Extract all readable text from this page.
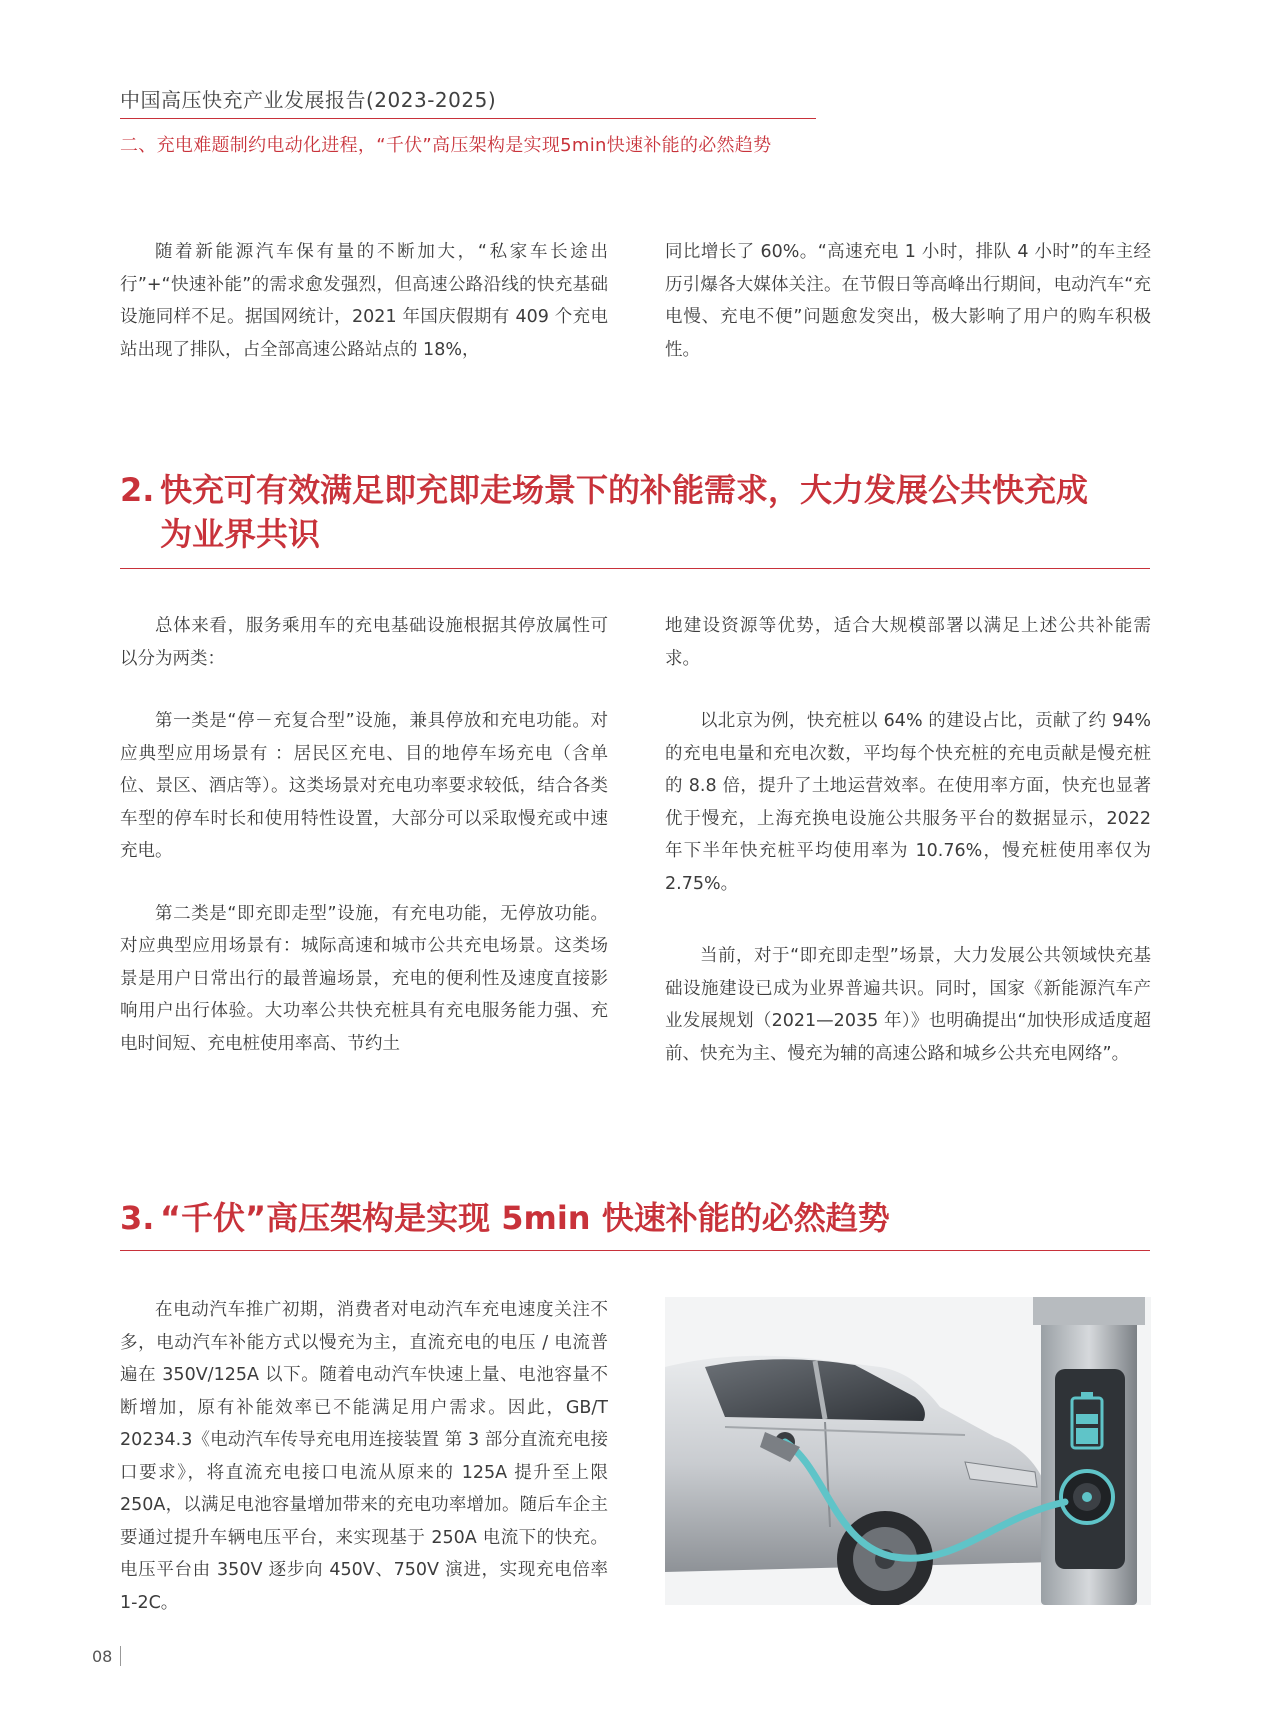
中国高压快充产业发展报告(2023-2025)
二、充电难题制约电动化进程，“千伏”高压架构是实现5min快速补能的必然趋势

随着新能源汽车保有量的不断加大，“私家车长途出行”+“快速补能”的需求愈发强烈，但高速公路沿线的快充基础设施同样不足。据国网统计，2021 年国庆假期有 409 个充电站出现了排队，占全部高速公路站点的 18%，

同比增长了 60%。“高速充电 1 小时，排队 4 小时”的车主经历引爆各大媒体关注。在节假日等高峰出行期间，电动汽车“充电慢、充电不便”问题愈发突出，极大影响了用户的购车积极性。

2. 快充可有效满足即充即走场景下的补能需求，大力发展公共快充成
为业界共识

总体来看，服务乘用车的充电基础设施根据其停放属性可以分为两类：

第一类是“停－充复合型”设施，兼具停放和充电功能。对应典型应用场景有 ：居民区充电、目的地停车场充电（含单位、景区、酒店等）。这类场景对充电功率要求较低，结合各类车型的停车时长和使用特性设置，大部分可以采取慢充或中速充电。

第二类是“即充即走型”设施，有充电功能，无停放功能。对应典型应用场景有：城际高速和城市公共充电场景。这类场景是用户日常出行的最普遍场景，充电的便利性及速度直接影响用户出行体验。大功率公共快充桩具有充电服务能力强、充电时间短、充电桩使用率高、节约土

地建设资源等优势，适合大规模部署以满足上述公共补能需求。

以北京为例，快充桩以 64% 的建设占比，贡献了约 94% 的充电电量和充电次数，平均每个快充桩的充电贡献是慢充桩的 8.8 倍，提升了土地运营效率。在使用率方面，快充也显著优于慢充，上海充换电设施公共服务平台的数据显示，2022 年下半年快充桩平均使用率为 10.76%，慢充桩使用率仅为 2.75%。

当前，对于“即充即走型”场景，大力发展公共领域快充基础设施建设已成为业界普遍共识。同时，国家《新能源汽车产业发展规划（2021—2035 年）》也明确提出“加快形成适度超前、快充为主、慢充为辅的高速公路和城乡公共充电网络”。

3. “千伏”高压架构是实现 5min 快速补能的必然趋势

在电动汽车推广初期，消费者对电动汽车充电速度关注不多，电动汽车补能方式以慢充为主，直流充电的电压 / 电流普遍在 350V/125A 以下。随着电动汽车快速上量、电池容量不断增加，原有补能效率已不能满足用户需求。因此，GB/T 20234.3《电动汽车传导充电用连接装置 第 3 部分直流充电接口要求》，将直流充电接口电流从原来的 125A 提升至上限 250A，以满足电池容量增加带来的充电功率增加。随后车企主要通过提升车辆电压平台，来实现基于 250A 电流下的快充。电压平台由 350V 逐步向 450V、750V 演进，实现充电倍率 1-2C。

08
